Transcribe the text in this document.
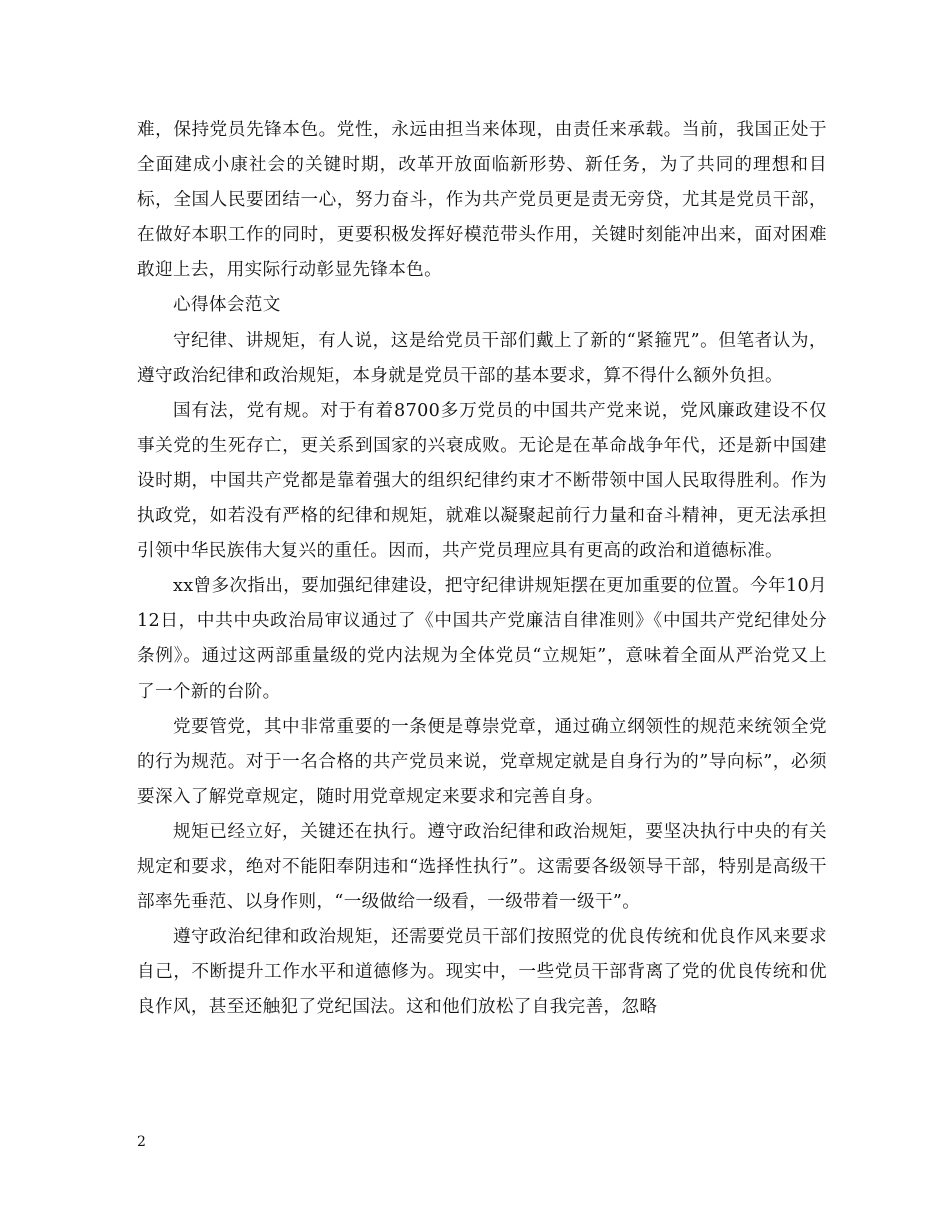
难，保持党员先锋本色。党性，永远由担当来体现，由责任来承载。当前，我国正处于全面建成小康社会的关键时期，改革开放面临新形势、新任务，为了共同的理想和目标，全国人民要团结一心，努力奋斗，作为共产党员更是责无旁贷，尤其是党员干部，在做好本职工作的同时，更要积极发挥好模范带头作用，关键时刻能冲出来，面对困难敢迎上去，用实际行动彰显先锋本色。

心得体会范文

守纪律、讲规矩，有人说，这是给党员干部们戴上了新的“紧箍咒”。但笔者认为，遵守政治纪律和政治规矩，本身就是党员干部的基本要求，算不得什么额外负担。

国有法，党有规。对于有着8700多万党员的中国共产党来说，党风廉政建设不仅事关党的生死存亡，更关系到国家的兴衰成败。无论是在革命战争年代，还是新中国建设时期，中国共产党都是靠着强大的组织纪律约束才不断带领中国人民取得胜利。作为执政党，如若没有严格的纪律和规矩，就难以凝聚起前行力量和奋斗精神，更无法承担引领中华民族伟大复兴的重任。因而，共产党员理应具有更高的政治和道德标准。

xx曾多次指出，要加强纪律建设，把守纪律讲规矩摆在更加重要的位置。今年10月12日，中共中央政治局审议通过了《中国共产党廉洁自律准则》《中国共产党纪律处分条例》。通过这两部重量级的党内法规为全体党员“立规矩”，意味着全面从严治党又上了一个新的台阶。

党要管党，其中非常重要的一条便是尊崇党章，通过确立纲领性的规范来统领全党的行为规范。对于一名合格的共产党员来说，党章规定就是自身行为的”导向标”，必须要深入了解党章规定，随时用党章规定来要求和完善自身。

规矩已经立好，关键还在执行。遵守政治纪律和政治规矩，要坚决执行中央的有关规定和要求，绝对不能阳奉阴违和“选择性执行”。这需要各级领导干部，特别是高级干部率先垂范、以身作则，“一级做给一级看，一级带着一级干”。

遵守政治纪律和政治规矩，还需要党员干部们按照党的优良传统和优良作风来要求自己，不断提升工作水平和道德修为。现实中，一些党员干部背离了党的优良传统和优良作风，甚至还触犯了党纪国法。这和他们放松了自我完善，忽略

2
